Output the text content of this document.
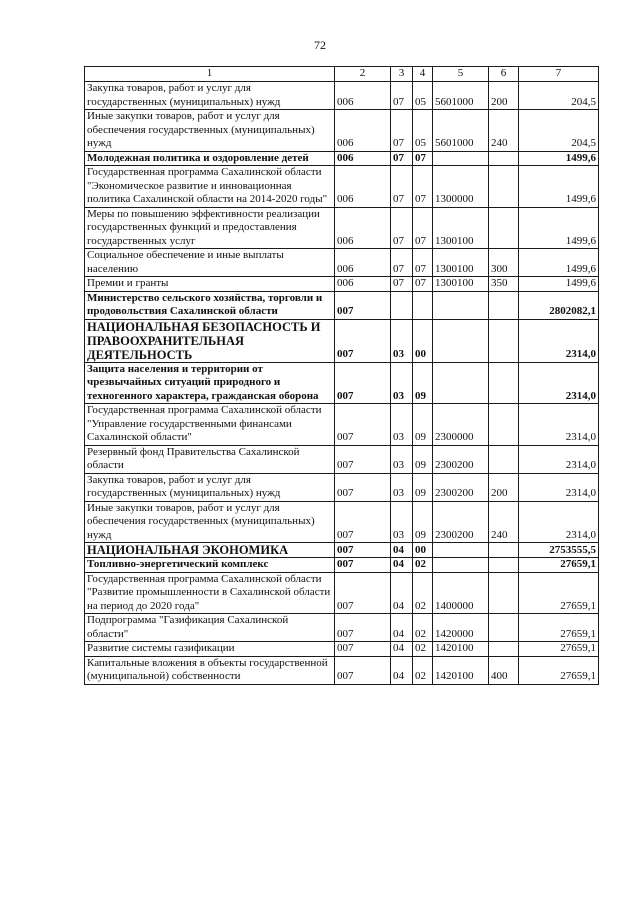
72
1	2	3	4	5	6	7
Закупка товаров, работ и услуг для государственных (муниципальных) нужд	006	07	05	5601000	200	204,5
Иные закупки товаров, работ и услуг для обеспечения государственных (муниципальных) нужд	006	07	05	5601000	240	204,5
Молодежная политика и оздоровление детей	006	07	07			1499,6
Государственная программа Сахалинской области "Экономическое развитие и инновационная политика Сахалинской области на 2014-2020 годы"	006	07	07	1300000		1499,6
Меры по повышению эффективности реализации государственных функций и предоставления государственных услуг	006	07	07	1300100		1499,6
Социальное обеспечение и иные выплаты населению	006	07	07	1300100	300	1499,6
Премии и гранты	006	07	07	1300100	350	1499,6
Министерство сельского хозяйства, торговли и продовольствия Сахалинской области	007					2802082,1
НАЦИОНАЛЬНАЯ БЕЗОПАСНОСТЬ И ПРАВООХРАНИТЕЛЬНАЯ ДЕЯТЕЛЬНОСТЬ	007	03	00			2314,0
Защита населения и территории от чрезвычайных ситуаций природного и техногенного характера, гражданская оборона	007	03	09			2314,0
Государственная программа Сахалинской области "Управление государственными финансами Сахалинской области"	007	03	09	2300000		2314,0
Резервный фонд Правительства Сахалинской области	007	03	09	2300200		2314,0
Закупка товаров, работ и услуг для государственных (муниципальных) нужд	007	03	09	2300200	200	2314,0
Иные закупки товаров, работ и услуг для обеспечения государственных (муниципальных) нужд	007	03	09	2300200	240	2314,0
НАЦИОНАЛЬНАЯ ЭКОНОМИКА	007	04	00			2753555,5
Топливно-энергетический комплекс	007	04	02			27659,1
Государственная программа Сахалинской области "Развитие промышленности в Сахалинской области на период до 2020 года"	007	04	02	1400000		27659,1
Подпрограмма "Газификация Сахалинской области"	007	04	02	1420000		27659,1
Развитие системы газификации	007	04	02	1420100		27659,1
Капитальные вложения в объекты государственной (муниципальной) собственности	007	04	02	1420100	400	27659,1
